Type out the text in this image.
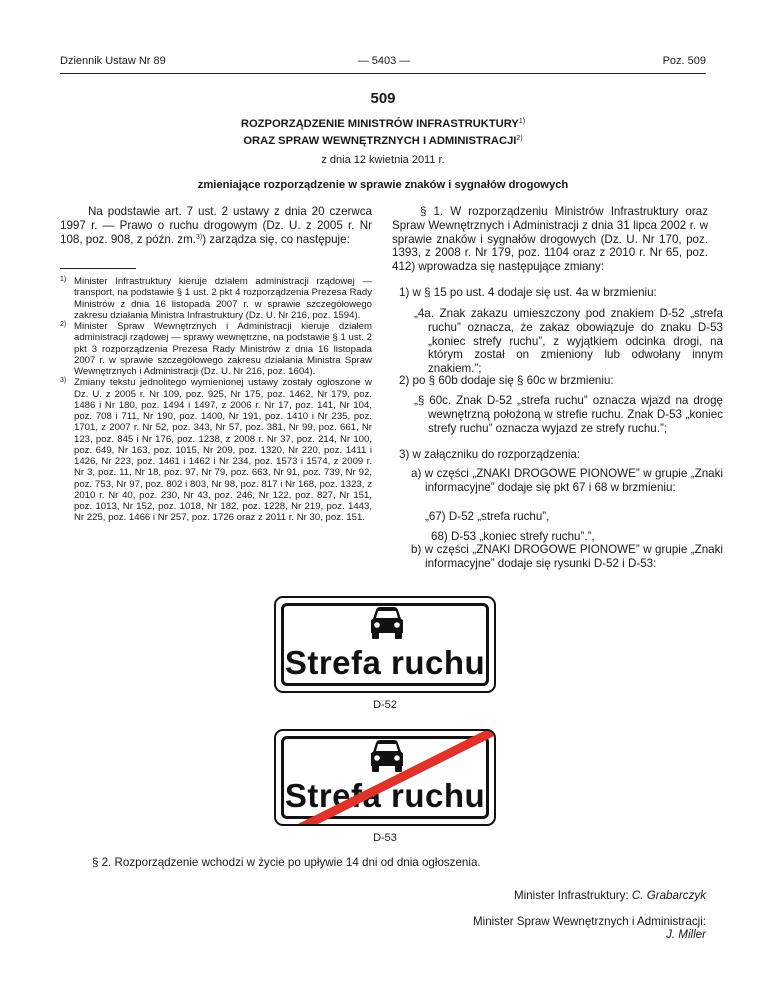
Dziennik Ustaw Nr 89	— 5403 —	Poz. 509
509
ROZPORZĄDZENIE MINISTRÓW INFRASTRUKTURY$^{1)}$
ORAZ SPRAW WEWNĘTRZNYCH I ADMINISTRACJI$^{2)}$
z dnia 12 kwietnia 2011 r.
zmieniające rozporządzenie w sprawie znaków i sygnałów drogowych
Na podstawie art. 7 ust. 2 ustawy z dnia 20 czerwca 1997 r. — Prawo o ruchu drogowym (Dz. U. z 2005 r. Nr 108, poz. 908, z późn. zm.$^{3)}$) zarządza się, co następuje:

1) Minister Infrastruktury kieruje działem administracji rządowej — transport, na podstawie § 1 ust. 2 pkt 4 rozporządzenia Prezesa Rady Ministrów z dnia 16 listopada 2007 r. w sprawie szczegółowego zakresu działania Ministra Infrastruktury (Dz. U. Nr 216, poz. 1594).

2) Minister Spraw Wewnętrznych i Administracji kieruje działem administracji rządowej — sprawy wewnętrzne, na podstawie § 1 ust. 2 pkt 3 rozporządzenia Prezesa Rady Ministrów z dnia 16 listopada 2007 r. w sprawie szczegółowego zakresu działania Ministra Spraw Wewnętrznych i Administracji (Dz. U. Nr 216, poz. 1604).

3) Zmiany tekstu jednolitego wymienionej ustawy zostały ogłoszone w Dz. U. z 2005 r. Nr 109, poz. 925, Nr 175, poz. 1462, Nr 179, poz. 1486 i Nr 180, poz. 1494 i 1497, z 2006 r. Nr 17, poz. 141, Nr 104, poz. 708 i 711, Nr 190, poz. 1400, Nr 191, poz. 1410 i Nr 235, poz. 1701, z 2007 r. Nr 52, poz. 343, Nr 57, poz. 381, Nr 99, poz. 661, Nr 123, poz. 845 i Nr 176, poz. 1238, z 2008 r. Nr 37, poz. 214, Nr 100, poz. 649, Nr 163, poz. 1015, Nr 209, poz. 1320, Nr 220, poz. 1411 i 1426, Nr 223, poz. 1461 i 1462 i Nr 234, poz. 1573 i 1574, z 2009 r. Nr 3, poz. 11, Nr 18, poz. 97, Nr 79, poz. 663, Nr 91, poz. 739, Nr 92, poz. 753, Nr 97, poz. 802 i 803, Nr 98, poz. 817 i Nr 168, poz. 1323, z 2010 r. Nr 40, poz. 230, Nr 43, poz. 246, Nr 122, poz. 827, Nr 151, poz. 1013, Nr 152, poz. 1018, Nr 182, poz. 1228, Nr 219, poz. 1443, Nr 225, poz. 1466 i Nr 257, poz. 1726 oraz z 2011 r. Nr 30, poz. 151.

§ 1. W rozporządzeniu Ministrów Infrastruktury oraz Spraw Wewnętrznych i Administracji z dnia 31 lipca 2002 r. w sprawie znaków i sygnałów drogowych (Dz. U. Nr 170, poz. 1393, z 2008 r. Nr 179, poz. 1104 oraz z 2010 r. Nr 65, poz. 412) wprowadza się następujące zmiany:
1) w § 15 po ust. 4 dodaje się ust. 4a w brzmieniu:
„4a. Znak zakazu umieszczony pod znakiem D-52 „strefa ruchu” oznacza, że zakaz obowiązuje do znaku D-53 „koniec strefy ruchu”, z wyjątkiem odcinka drogi, na którym został on zmieniony lub odwołany innym znakiem.”;
2) po § 60b dodaje się § 60c w brzmieniu:
„§ 60c. Znak D-52 „strefa ruchu” oznacza wjazd na drogę wewnętrzną położoną w strefie ruchu. Znak D-53 „koniec strefy ruchu” oznacza wyjazd ze strefy ruchu.”;
3) w załączniku do rozporządzenia:
a) w części „ZNAKI DROGOWE PIONOWE” w grupie „Znaki informacyjne” dodaje się pkt 67 i 68 w brzmieniu:
„67) D-52 „strefa ruchu”,
68) D-53 „koniec strefy ruchu”.”,
b) w części „ZNAKI DROGOWE PIONOWE” w grupie „Znaki informacyjne” dodaje się rysunki D-52 i D-53:
Strefa ruchu
D-52
Strefa ruchu
D-53
§ 2. Rozporządzenie wchodzi w życie po upływie 14 dni od dnia ogłoszenia.
Minister Infrastruktury: C. Grabarczyk
Minister Spraw Wewnętrznych i Administracji:
J. Miller
